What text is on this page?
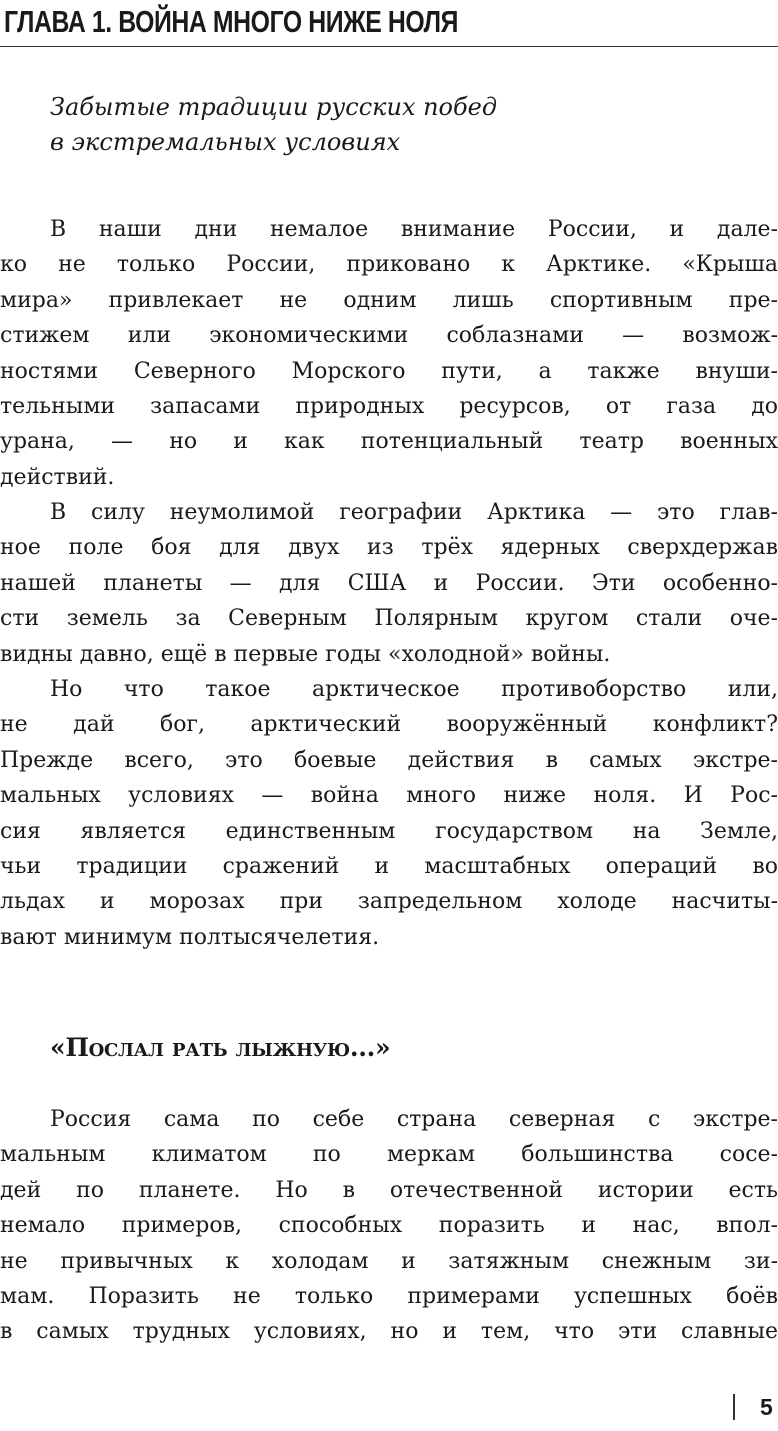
ГЛАВА 1. ВОЙНА МНОГО НИЖЕ НОЛЯ
Забытые традиции русских побед
в экстремальных условиях
В наши дни немалое внимание России, и дале-
ко не только России, приковано к Арктике. «Крыша
мира» привлекает не одним лишь спортивным пре-
стижем или экономическими соблазнами — возмож-
ностями Северного Морского пути, а также внуши-
тельными запасами природных ресурсов, от газа до
урана, — но и как потенциальный театр военных
действий.
В силу неумолимой географии Арктика — это глав-
ное поле боя для двух из трёх ядерных сверхдержав
нашей планеты — для США и России. Эти особенно-
сти земель за Северным Полярным кругом стали оче-
видны давно, ещё в первые годы «холодной» войны.
Но что такое арктическое противоборство или,
не дай бог, арктический вооружённый конфликт?
Прежде всего, это боевые действия в самых экстре-
мальных условиях — война много ниже ноля. И Рос-
сия является единственным государством на Земле,
чьи традиции сражений и масштабных операций во
льдах и морозах при запредельном холоде насчиты-
вают минимум полтысячелетия.
«Послал рать лыжную...»
Россия сама по себе страна северная с экстре-
мальным климатом по меркам большинства сосе-
дей по планете. Но в отечественной истории есть
немало примеров, способных поразить и нас, впол-
не привычных к холодам и затяжным снежным зи-
мам. Поразить не только примерами успешных боёв
в самых трудных условиях, но и тем, что эти славные
5
